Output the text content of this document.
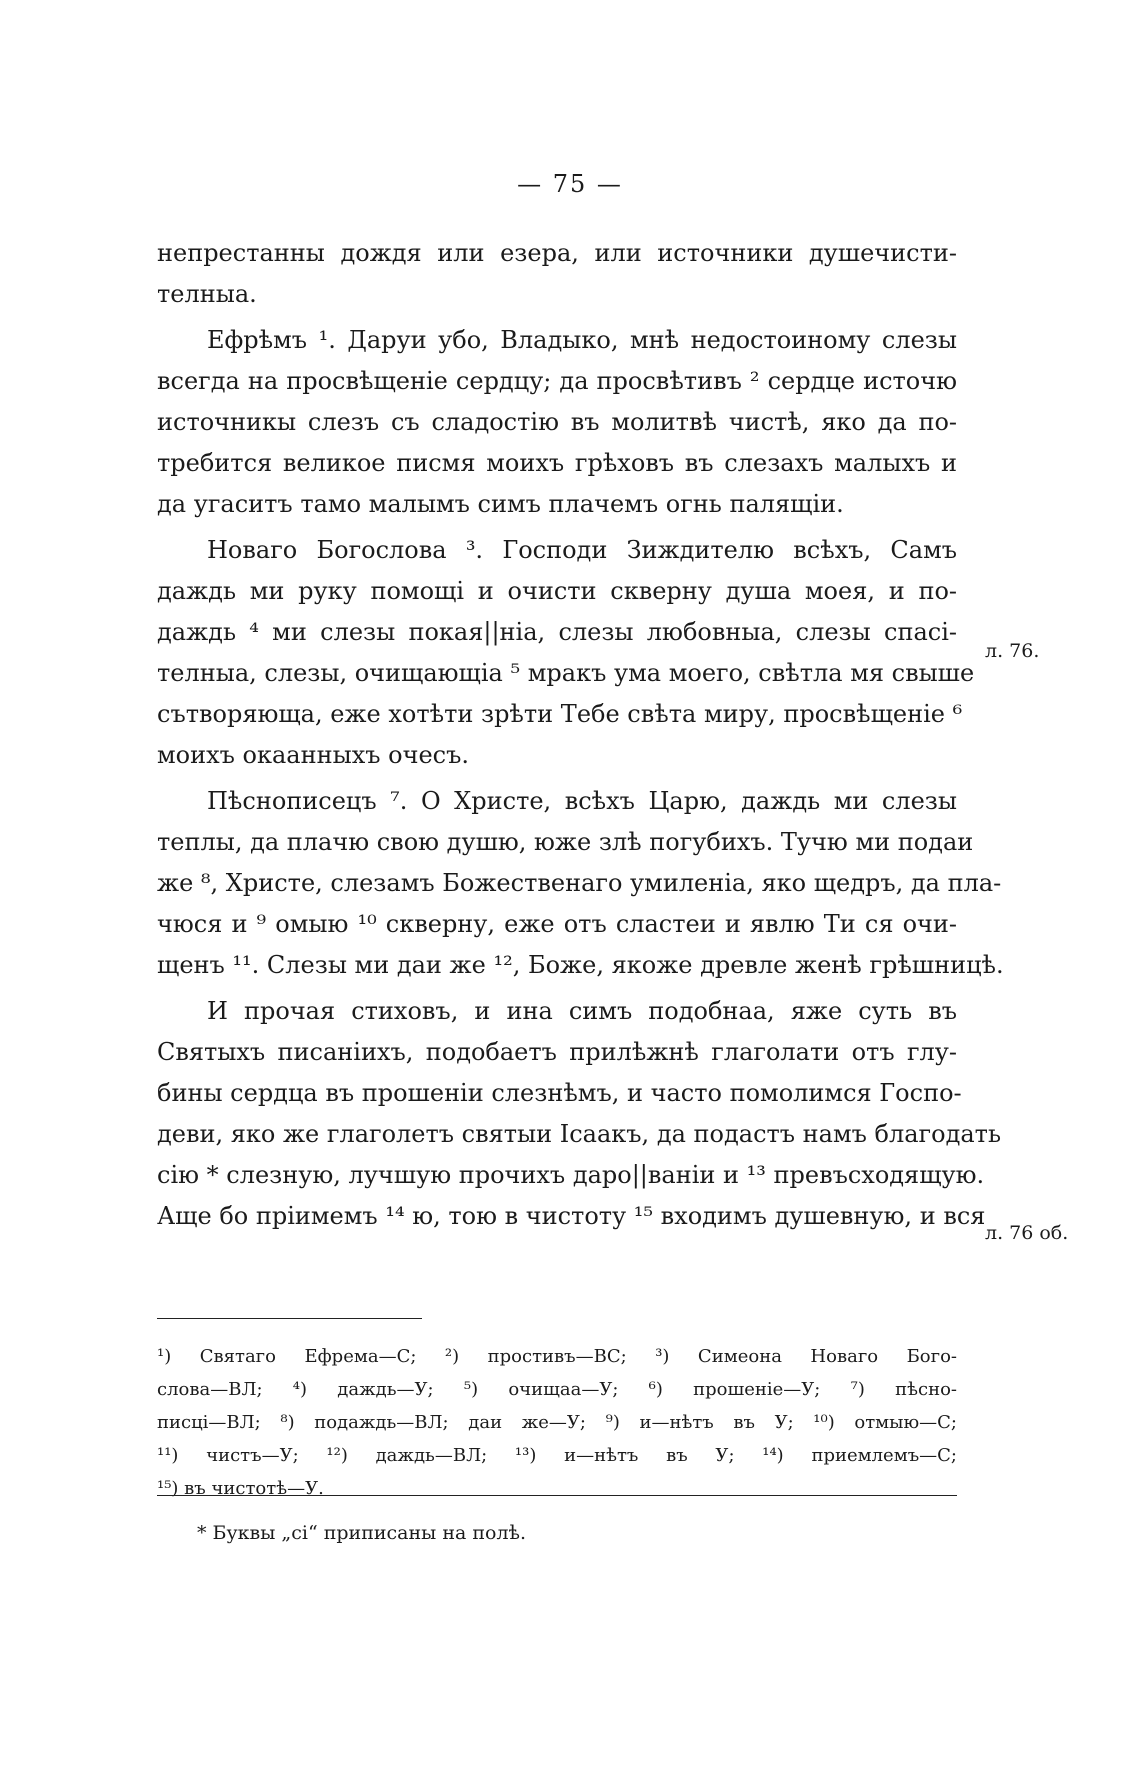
— 75 —
непрестанны дождя или езера, или источники душечисти-
телныа.
Ефрѣмъ ¹. Даруи убо, Владыко, мнѣ недостоиному слезы
всегда на просвѣщеніе сердцу; да просвѣтивъ ² сердце источю
источникы слезъ съ сладостію въ молитвѣ чистѣ, яко да по-
требится великое писмя моихъ грѣховъ въ слезахъ малыхъ и
да угаситъ тамо малымъ симъ плачемъ огнь палящіи.
Новаго Богослова ³. Господи Зиждителю всѣхъ, Самъ
даждь ми руку помощі и очисти скверну душа моея, и по-
даждь ⁴ ми слезы покая||ніа, слезы любовныа, слезы спасі-
телныа, слезы, очищающіа ⁵ мракъ ума моего, свѣтла мя свыше
сътворяюща, еже хотѣти зрѣти Тебе свѣта миру, просвѣщеніе ⁶
моихъ окаанныхъ очесъ.
Пѣснописецъ ⁷. О Христе, всѣхъ Царю, даждь ми слезы
теплы, да плачю свою душю, юже злѣ погубихъ. Тучю ми подаи
же ⁸, Христе, слезамъ Божественаго умиленіа, яко щедръ, да пла-
чюся и ⁹ омыю ¹⁰ скверну, еже отъ сластеи и явлю Ти ся очи-
щенъ ¹¹. Слезы ми даи же ¹², Боже, якоже древле женѣ грѣшницѣ.
И прочая стиховъ, и ина симъ подобнаа, яже суть въ
Святыхъ писаніихъ, подобаетъ прилѣжнѣ глаголати отъ глу-
бины сердца въ прошеніи слезнѣмъ, и часто помолимся Госпо-
деви, яко же глаголетъ святыи Ісаакъ, да подастъ намъ благодать
сію * слезную, лучшую прочихъ даро||ваніи и ¹³ превъсходящую.
Аще бо пріимемъ ¹⁴ ю, тою в чистоту ¹⁵ входимъ душевную, и вся
л. 76.
л. 76 об.
¹) Святаго Ефрема—С; ²) простивъ—ВС; ³) Симеона Новаго Бого-
слова—ВЛ; ⁴) даждь—У; ⁵) очищаа—У; ⁶) прошеніе—У; ⁷) пѣсно-
писці—ВЛ; ⁸) подаждь—ВЛ; даи же—У; ⁹) и—нѣтъ въ У; ¹⁰) отмыю—С;
¹¹) чистъ—У; ¹²) даждь—ВЛ; ¹³) и—нѣтъ въ У; ¹⁴) приемлемъ—С;
¹⁵) въ чистотѣ—У.
* Буквы „сі“ приписаны на полѣ.
